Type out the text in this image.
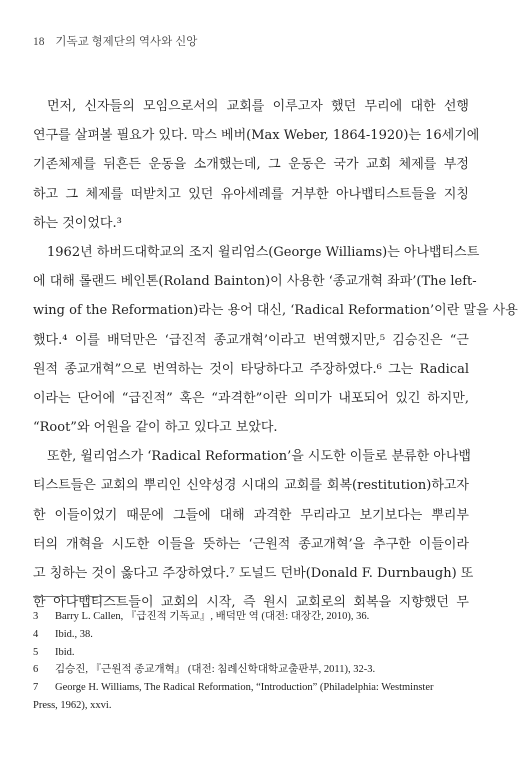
18 기독교 형제단의 역사와 신앙
먼저, 신자들의 모임으로서의 교회를 이루고자 했던 무리에 대한 선행
연구를 살펴볼 필요가 있다. 막스 베버(Max Weber, 1864-1920)는 16세기에
기존체제를 뒤흔든 운동을 소개했는데, 그 운동은 국가 교회 체제를 부정
하고 그 체제를 떠받치고 있던 유아세례를 거부한 아나뱁티스트들을 지칭
하는 것이었다.³
1962년 하버드대학교의 조지 윌리엄스(George Williams)는 아나뱁티스트
에 대해 롤랜드 베인톤(Roland Bainton)이 사용한 ‘종교개혁 좌파’(The left-
wing of the Reformation)라는 용어 대신, ‘Radical Reformation’이란 말을 사용
했다.⁴ 이를 배덕만은 ‘급진적 종교개혁’이라고 번역했지만,⁵ 김승진은 “근
원적 종교개혁”으로 번역하는 것이 타당하다고 주장하였다.⁶ 그는 Radical
이라는 단어에 “급진적” 혹은 “과격한”이란 의미가 내포되어 있긴 하지만,
“Root”와 어원을 같이 하고 있다고 보았다.
또한, 윌리엄스가 ‘Radical Reformation’을 시도한 이들로 분류한 아나뱁
티스트들은 교회의 뿌리인 신약성경 시대의 교회를 회복(restitution)하고자
한 이들이었기 때문에 그들에 대해 과격한 무리라고 보기보다는 뿌리부
터의 개혁을 시도한 이들을 뜻하는 ‘근원적 종교개혁’을 추구한 이들이라
고 칭하는 것이 옳다고 주장하였다.⁷ 도널드 던바(Donald F. Durnbaugh) 또
한 아나뱁티스트들이 교회의 시작, 즉 원시 교회로의 회복을 지향했던 무
3 Barry L. Callen, 『급진적 기독교』, 배덕만 역 (대전: 대장간, 2010), 36.
4 Ibid., 38.
5 Ibid.
6 김승진, 『근원적 종교개혁』 (대전: 침례신학대학교출판부, 2011), 32-3.
7 George H. Williams, The Radical Reformation, “Introduction” (Philadelphia: Westminster
Press, 1962), xxvi.
